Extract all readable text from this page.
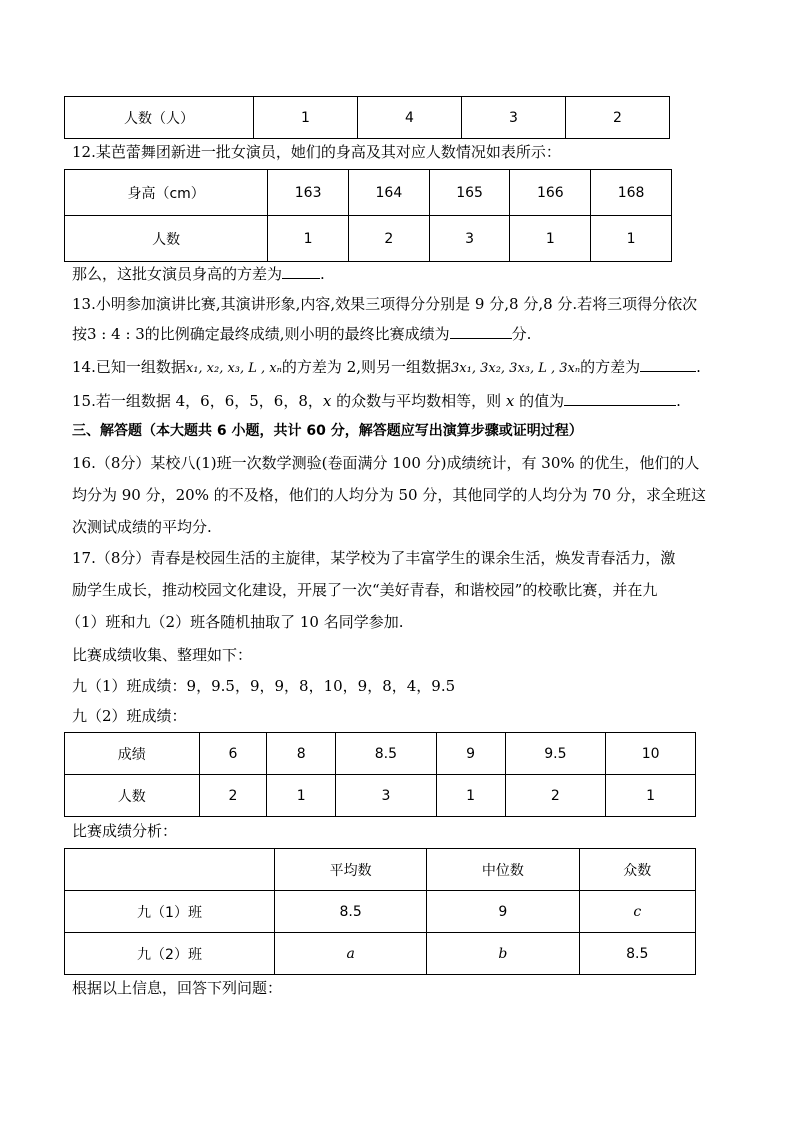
人数（人）	1	4	3	2
12.某芭蕾舞团新进一批女演员，她们的身高及其对应人数情况如表所示：
身高（cm）	163	164	165	166	168
人数	1	2	3	1	1
那么，这批女演员身高的方差为	.
13.小明参加演讲比赛,其演讲形象,内容,效果三项得分分别是 9 分,8 分,8 分.若将三项得分依次
按3 : 4 : 3的比例确定最终成绩,则小明的最终比赛成绩为	分.
14.已知一组数据x₁, x₂, x₃, L , xₙ的方差为 2,则另一组数据3x₁, 3x₂, 3x₃, L , 3xₙ的方差为	.
15.若一组数据 4，6，6，5，6，8，x 的众数与平均数相等，则 x 的值为	.
三、解答题（本大题共 6 小题，共计 60 分，解答题应写出演算步骤或证明过程）
16.（8分）某校八(1)班一次数学测验(卷面满分 100 分)成绩统计，有 30% 的优生，他们的人
均分为 90 分，20% 的不及格，他们的人均分为 50 分，其他同学的人均分为 70 分，求全班这
次测试成绩的平均分.
17.（8分）青春是校园生活的主旋律，某学校为了丰富学生的课余生活，焕发青春活力，激
励学生成长，推动校园文化建设，开展了一次“美好青春，和谐校园”的校歌比赛，并在九
（1）班和九（2）班各随机抽取了 10 名同学参加.
比赛成绩收集、整理如下：
九（1）班成绩：9，9.5，9，9，8，10，9，8，4，9.5
九（2）班成绩：
成绩	6	8	8.5	9	9.5	10
人数	2	1	3	1	2	1
比赛成绩分析：
	平均数	中位数	众数
九（1）班	8.5	9	c
九（2）班	a	b	8.5
根据以上信息，回答下列问题：
